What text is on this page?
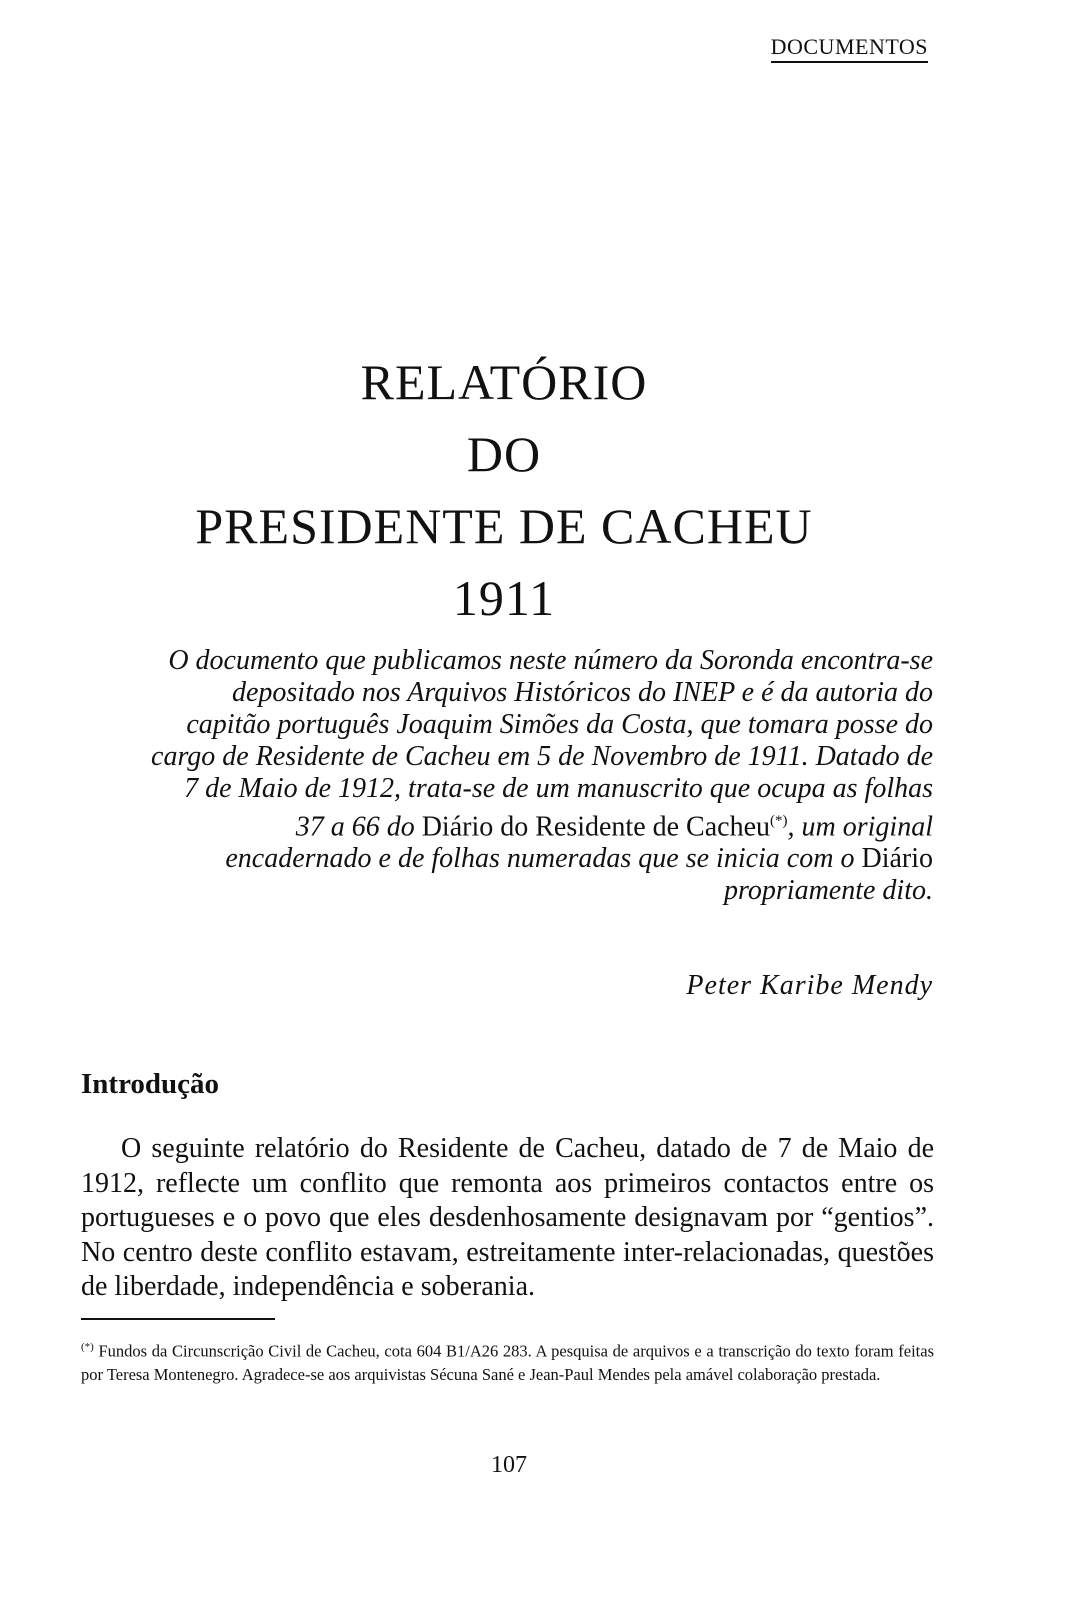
DOCUMENTOS
RELATÓRIO
DO
PRESIDENTE DE CACHEU
1911
O documento que publicamos neste número da Soronda encontra-se depositado nos Arquivos Históricos do INEP e é da autoria do capitão português Joaquim Simões da Costa, que tomara posse do cargo de Residente de Cacheu em 5 de Novembro de 1911. Datado de 7 de Maio de 1912, trata-se de um manuscrito que ocupa as folhas 37 a 66 do Diário do Residente de Cacheu(*), um original encadernado e de folhas numeradas que se inicia com o Diário propriamente dito.
Peter Karibe Mendy
Introdução

O seguinte relatório do Residente de Cacheu, datado de 7 de Maio de 1912, reflecte um conflito que remonta aos primeiros contactos entre os portugueses e o povo que eles desdenhosamente designavam por “gentios”. No centro deste conflito estavam, estreitamente inter-relacionadas, questões de liberdade, independência e soberania.

(*) Fundos da Circunscrição Civil de Cacheu, cota 604 B1/A26 283. A pesquisa de arquivos e a transcrição do texto foram feitas por Teresa Montenegro. Agradece-se aos arquivistas Sécuna Sané e Jean-Paul Mendes pela amável colaboração prestada.

107
